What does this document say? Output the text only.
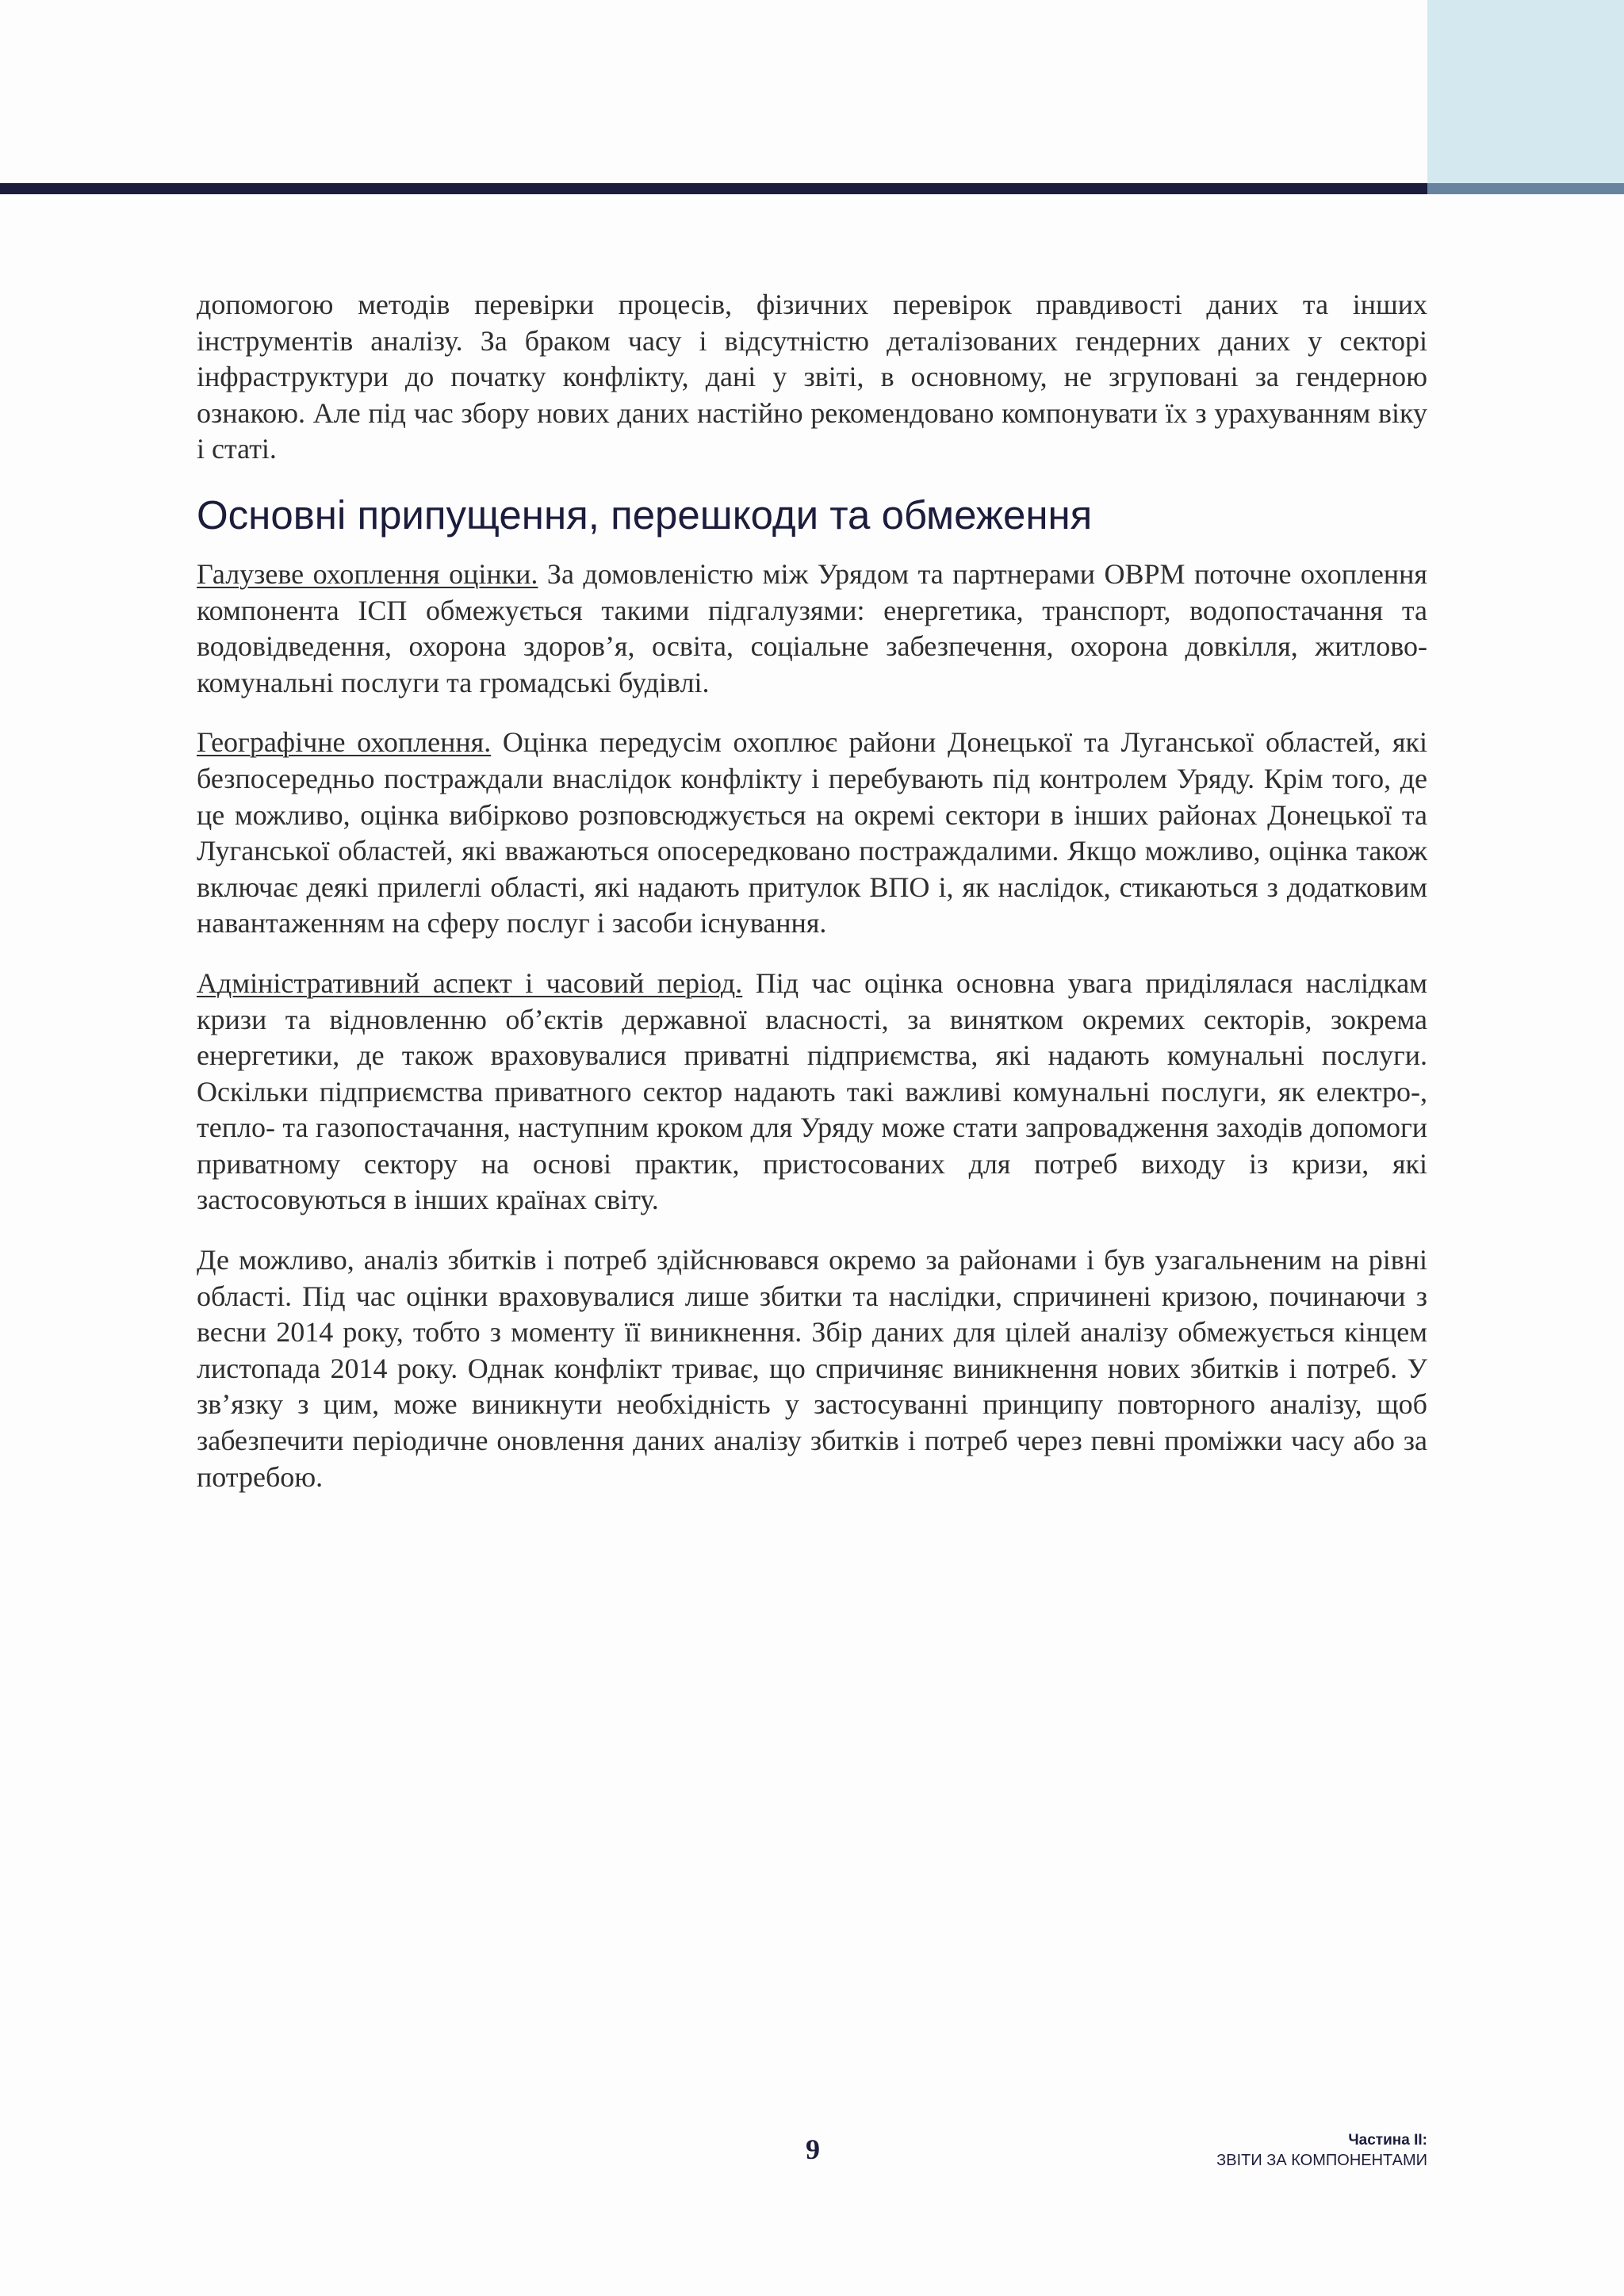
допомогою методів перевірки процесів, фізичних перевірок правдивості даних та інших інструментів аналізу. За браком часу і відсутністю деталізованих гендерних даних у секторі інфраструктури до початку конфлікту, дані у звіті, в основному, не згруповані за гендерною ознакою. Але під час збору нових даних настійно рекомендовано компонувати їх з урахуванням віку і статі.

Основні припущення, перешкоди та обмеження

Галузеве охоплення оцінки. За домовленістю між Урядом та партнерами ОВРМ поточне охоплення компонента ІСП обмежується такими підгалузями: енергетика, транспорт, водопостачання та водовідведення, охорона здоров’я, освіта, соціальне забезпечення, охорона довкілля, житлово-комунальні послуги та громадські будівлі.

Географічне охоплення. Оцінка передусім охоплює райони Донецької та Луганської областей, які безпосередньо постраждали внаслідок конфлікту і перебувають під контролем Уряду. Крім того, де це можливо, оцінка вибірково розповсюджується на окремі сектори в інших районах Донецької та Луганської областей, які вважаються опосередковано постраждалими. Якщо можливо, оцінка також включає деякі прилеглі області, які надають притулок ВПО і, як наслідок, стикаються з додатковим навантаженням на сферу послуг і засоби існування.

Адміністративний аспект і часовий період. Під час оцінка основна увага приділялася наслідкам кризи та відновленню об’єктів державної власності, за винятком окремих секторів, зокрема енергетики, де також враховувалися приватні підприємства, які надають комунальні послуги. Оскільки підприємства приватного сектор надають такі важливі комунальні послуги, як електро-, тепло- та газопостачання, наступним кроком для Уряду може стати запровадження заходів допомоги приватному сектору на основі практик, пристосованих для потреб виходу із кризи, які застосовуються в інших країнах світу.

Де можливо, аналіз збитків і потреб здійснювався окремо за районами і був узагальненим на рівні області. Під час оцінки враховувалися лише збитки та наслідки, спричинені кризою, починаючи з весни 2014 року, тобто з моменту її виникнення. Збір даних для цілей аналізу обмежується кінцем листопада 2014 року. Однак конфлікт триває, що спричиняє виникнення нових збитків і потреб. У зв’язку з цим, може виникнути необхідність у застосуванні принципу повторного аналізу, щоб забезпечити періодичне оновлення даних аналізу збитків і потреб через певні проміжки часу або за потребою.

9	Частина ІІ:
ЗВІТИ ЗА КОМПОНЕНТАМИ
